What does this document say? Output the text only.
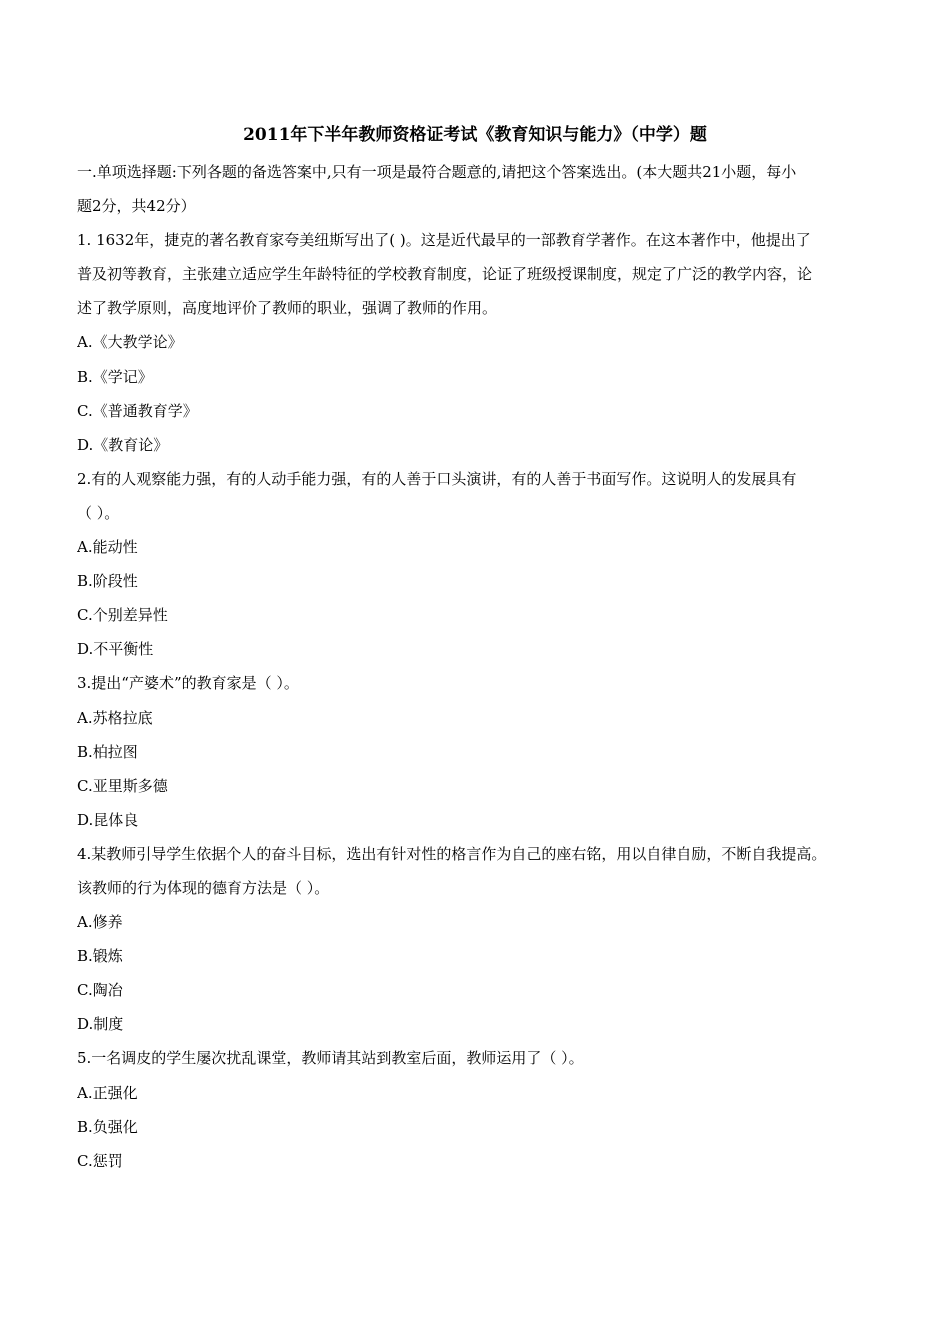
2011年下半年教师资格证考试《教育知识与能力》（中学）题
一.单项选择题:下列各题的备选答案中,只有一项是最符合题意的,请把这个答案选出。(本大题共21小题，每小
题2分，共42分）
1. 1632年，捷克的著名教育家夸美纽斯写出了( )。这是近代最早的一部教育学著作。在这本著作中，他提出了
普及初等教育，主张建立适应学生年龄特征的学校教育制度，论证了班级授课制度，规定了广泛的教学内容，论
述了教学原则，高度地评价了教师的职业，强调了教师的作用。
A.《大教学论》
B.《学记》
C.《普通教育学》
D.《教育论》
2.有的人观察能力强，有的人动手能力强，有的人善于口头演讲，有的人善于书面写作。这说明人的发展具有
（ ）。
A.能动性
B.阶段性
C.个别差异性
D.不平衡性
3.提出“产婆术”的教育家是（ ）。
A.苏格拉底
B.柏拉图
C.亚里斯多德
D.昆体良
4.某教师引导学生依据个人的奋斗目标，选出有针对性的格言作为自己的座右铭，用以自律自励，不断自我提高。
该教师的行为体现的德育方法是（ ）。
A.修养
B.锻炼
C.陶冶
D.制度
5.一名调皮的学生屡次扰乱课堂，教师请其站到教室后面，教师运用了（ ）。
A.正强化
B.负强化
C.惩罚
